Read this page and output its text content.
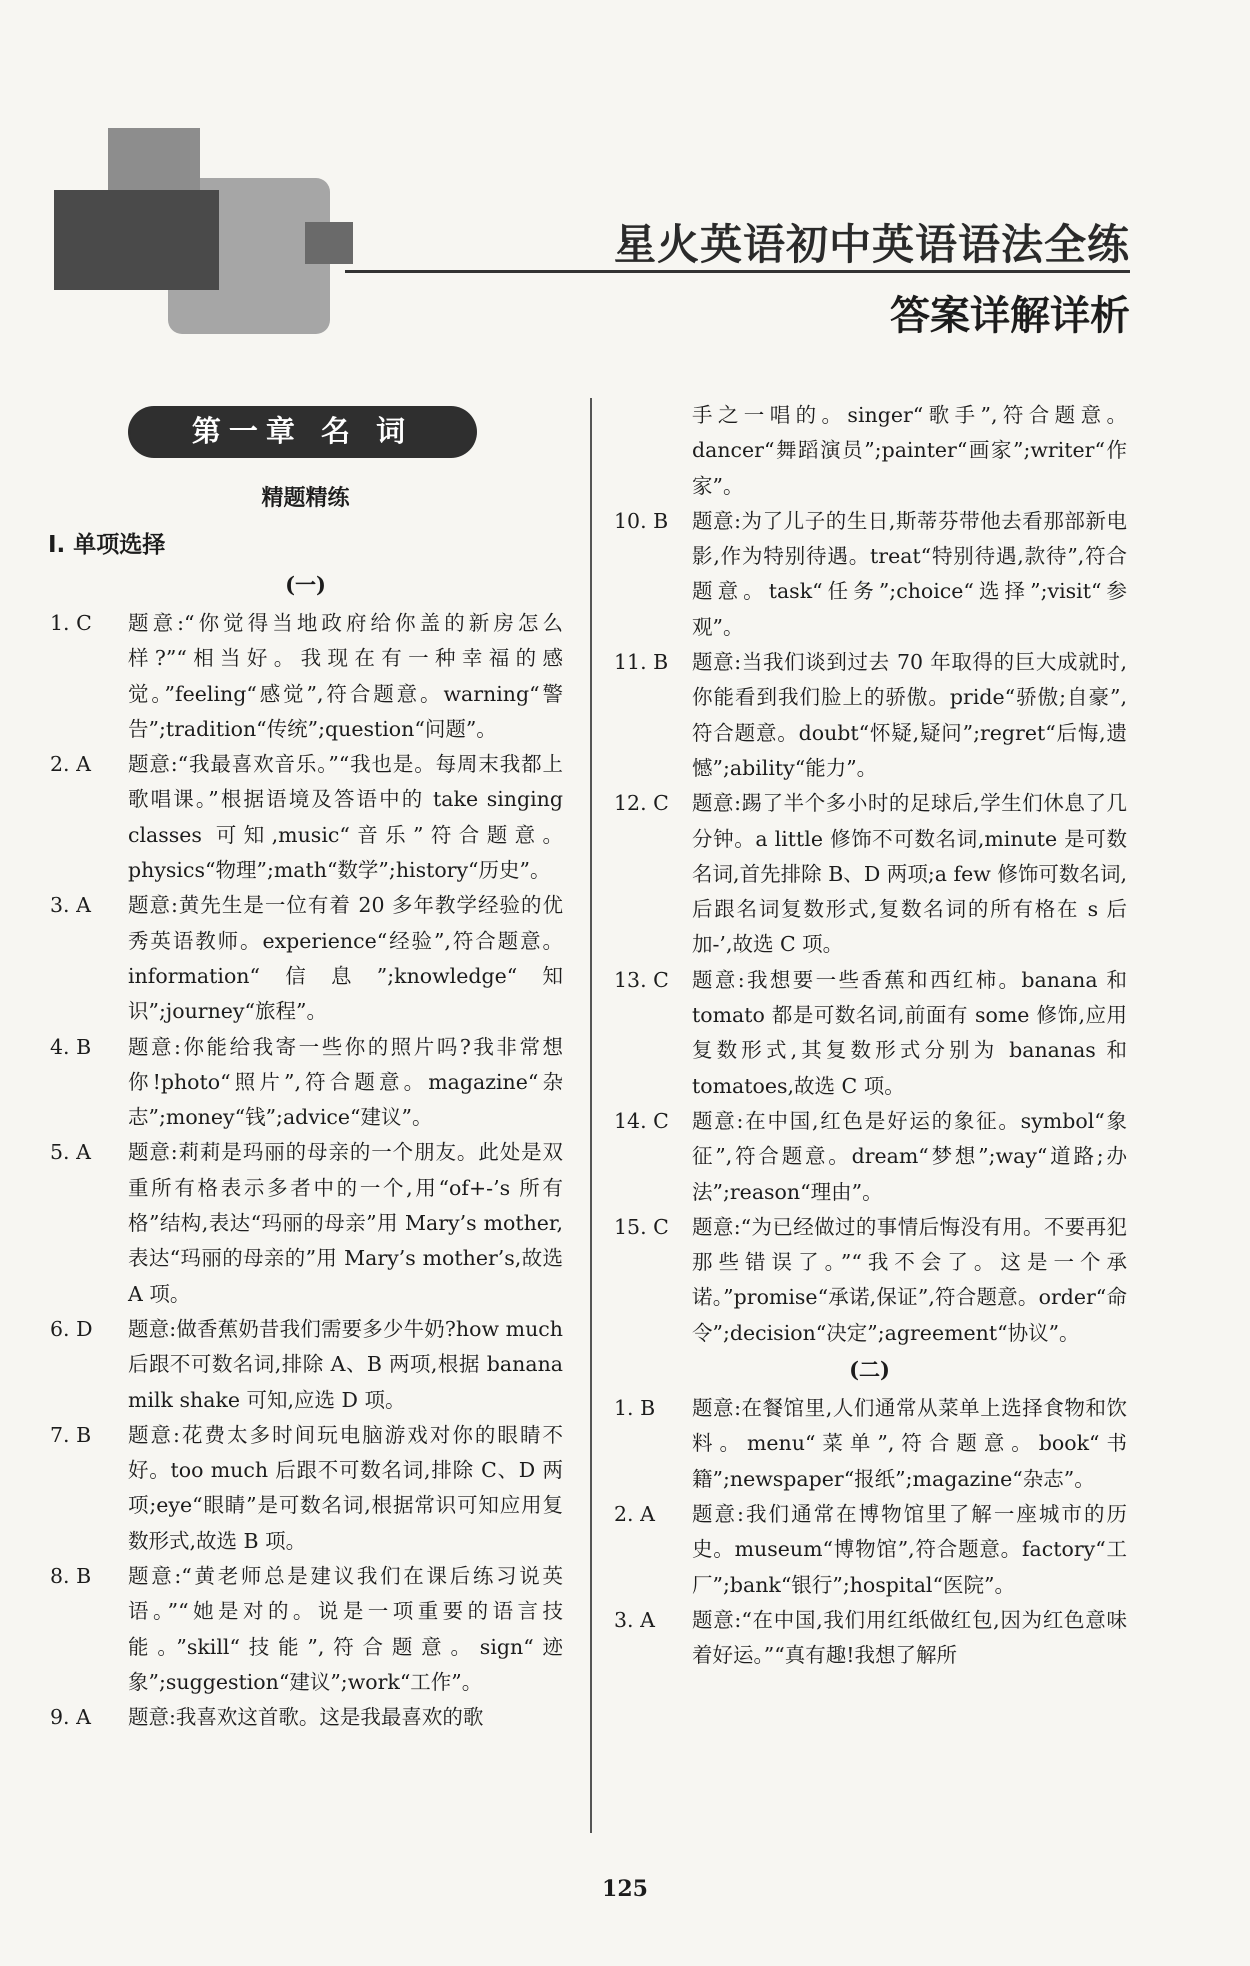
星火英语初中英语语法全练
答案详解详析
第一章 名 词
精题精练
Ⅰ. 单项选择
(一)
1. C	题意:“你觉得当地政府给你盖的新房怎么样?”“相当好。我现在有一种幸福的感觉。”feeling“感觉”,符合题意。warning“警告”;tradition“传统”;question“问题”。
2. A	题意:“我最喜欢音乐。”“我也是。每周末我都上歌唱课。”根据语境及答语中的 take singing classes 可知,music“音乐”符合题意。physics“物理”;math“数学”;history“历史”。
3. A	题意:黄先生是一位有着 20 多年教学经验的优秀英语教师。experience“经验”,符合题意。information“信息”;knowledge“知识”;journey“旅程”。
4. B	题意:你能给我寄一些你的照片吗?我非常想你!photo“照片”,符合题意。magazine“杂志”;money“钱”;advice“建议”。
5. A	题意:莉莉是玛丽的母亲的一个朋友。此处是双重所有格表示多者中的一个,用“of+-’s 所有格”结构,表达“玛丽的母亲”用 Mary’s mother,表达“玛丽的母亲的”用 Mary’s mother’s,故选 A 项。
6. D	题意:做香蕉奶昔我们需要多少牛奶?how much 后跟不可数名词,排除 A、B 两项,根据 banana milk shake 可知,应选 D 项。
7. B	题意:花费太多时间玩电脑游戏对你的眼睛不好。too much 后跟不可数名词,排除 C、D 两项;eye“眼睛”是可数名词,根据常识可知应用复数形式,故选 B 项。
8. B	题意:“黄老师总是建议我们在课后练习说英语。”“她是对的。说是一项重要的语言技能。”skill“技能”,符合题意。sign“迹象”;suggestion“建议”;work“工作”。
9. A	题意:我喜欢这首歌。这是我最喜欢的歌
手之一唱的。singer“歌手”,符合题意。dancer“舞蹈演员”;painter“画家”;writer“作家”。
10. B	题意:为了儿子的生日,斯蒂芬带他去看那部新电影,作为特别待遇。treat“特别待遇,款待”,符合题意。task“任务”;choice“选择”;visit“参观”。
11. B	题意:当我们谈到过去 70 年取得的巨大成就时,你能看到我们脸上的骄傲。pride“骄傲;自豪”,符合题意。doubt“怀疑,疑问”;regret“后悔,遗憾”;ability“能力”。
12. C	题意:踢了半个多小时的足球后,学生们休息了几分钟。a little 修饰不可数名词,minute 是可数名词,首先排除 B、D 两项;a few 修饰可数名词,后跟名词复数形式,复数名词的所有格在 s 后加-’,故选 C 项。
13. C	题意:我想要一些香蕉和西红柿。banana 和 tomato 都是可数名词,前面有 some 修饰,应用复数形式,其复数形式分别为 bananas 和 tomatoes,故选 C 项。
14. C	题意:在中国,红色是好运的象征。symbol“象征”,符合题意。dream“梦想”;way“道路;办法”;reason“理由”。
15. C	题意:“为已经做过的事情后悔没有用。不要再犯那些错误了。”“我不会了。这是一个承诺。”promise“承诺,保证”,符合题意。order“命令”;decision“决定”;agreement“协议”。
(二)
1. B	题意:在餐馆里,人们通常从菜单上选择食物和饮料。menu“菜单”,符合题意。book“书籍”;newspaper“报纸”;magazine“杂志”。
2. A	题意:我们通常在博物馆里了解一座城市的历史。museum“博物馆”,符合题意。factory“工厂”;bank“银行”;hospital“医院”。
3. A	题意:“在中国,我们用红纸做红包,因为红色意味着好运。”“真有趣!我想了解所
125
